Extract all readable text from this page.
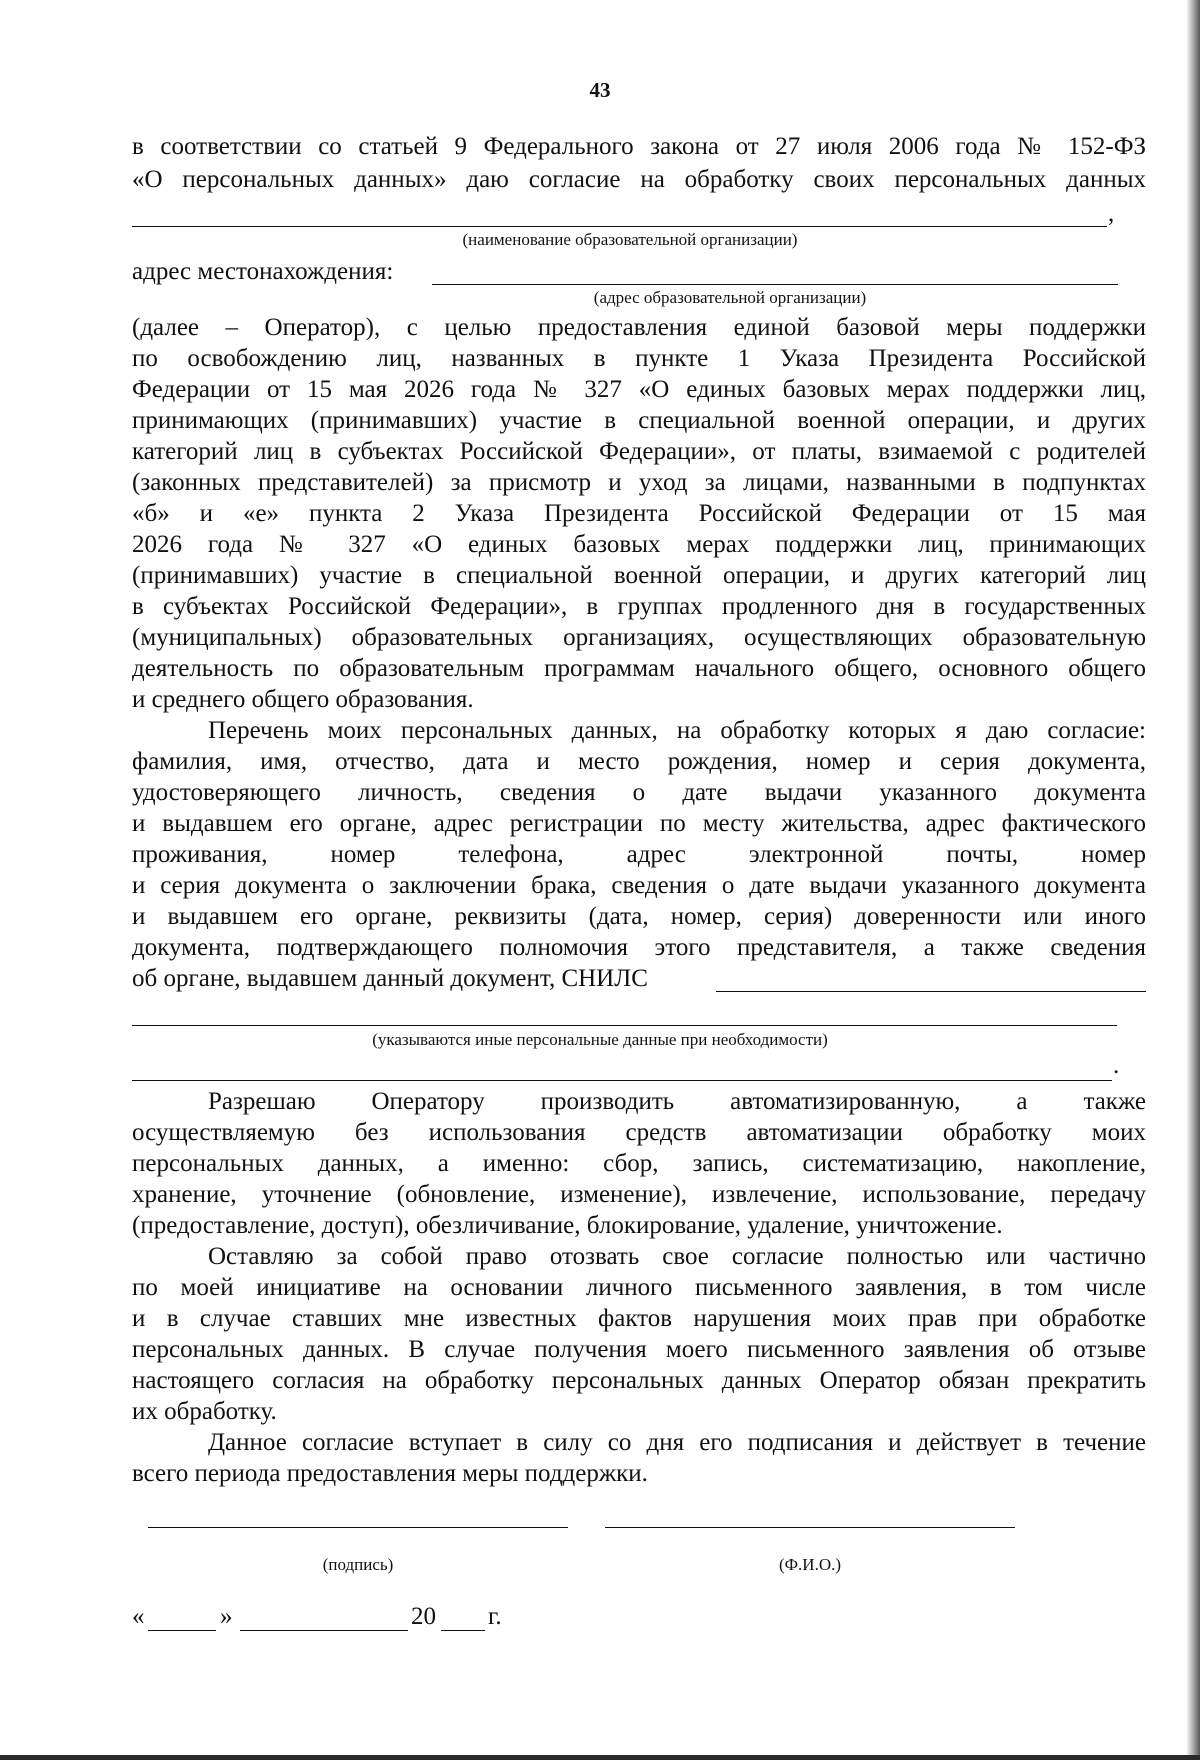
43
в соответствии со статьей 9 Федерального закона от 27 июля 2006 года № 152-ФЗ
«О персональных данных» даю согласие на обработку своих персональных данных
,
(наименование образовательной организации)
адрес местонахождения:
(адрес образовательной организации)
(далее – Оператор), с целью предоставления единой базовой меры поддержки
по освобождению лиц, названных в пункте 1 Указа Президента Российской
Федерации от 15 мая 2026 года № 327 «О единых базовых мерах поддержки лиц,
принимающих (принимавших) участие в специальной военной операции, и других
категорий лиц в субъектах Российской Федерации», от платы, взимаемой с родителей
(законных представителей) за присмотр и уход за лицами, названными в подпунктах
«б» и «е» пункта 2 Указа Президента Российской Федерации от 15 мая
2026 года № 327 «О единых базовых мерах поддержки лиц, принимающих
(принимавших) участие в специальной военной операции, и других категорий лиц
в субъектах Российской Федерации», в группах продленного дня в государственных
(муниципальных) образовательных организациях, осуществляющих образовательную
деятельность по образовательным программам начального общего, основного общего
и среднего общего образования.
Перечень моих персональных данных, на обработку которых я даю согласие:
фамилия, имя, отчество, дата и место рождения, номер и серия документа,
удостоверяющего личность, сведения о дате выдачи указанного документа
и выдавшем его органе, адрес регистрации по месту жительства, адрес фактического
проживания, номер телефона, адрес электронной почты, номер
и серия документа о заключении брака, сведения о дате выдачи указанного документа
и выдавшем его органе, реквизиты (дата, номер, серия) доверенности или иного
документа, подтверждающего полномочия этого представителя, а также сведения
об органе, выдавшем данный документ, СНИЛС
(указываются иные персональные данные при необходимости)
.
Разрешаю Оператору производить автоматизированную, а также
осуществляемую без использования средств автоматизации обработку моих
персональных данных, а именно: сбор, запись, систематизацию, накопление,
хранение, уточнение (обновление, изменение), извлечение, использование, передачу
(предоставление, доступ), обезличивание, блокирование, удаление, уничтожение.
Оставляю за собой право отозвать свое согласие полностью или частично
по моей инициативе на основании личного письменного заявления, в том числе
и в случае ставших мне известных фактов нарушения моих прав при обработке
персональных данных. В случае получения моего письменного заявления об отзыве
настоящего согласия на обработку персональных данных Оператор обязан прекратить
их обработку.
Данное согласие вступает в силу со дня его подписания и действует в течение
всего периода предоставления меры поддержки.
(подпись)	(Ф.И.О.)
«	»	20 г.
